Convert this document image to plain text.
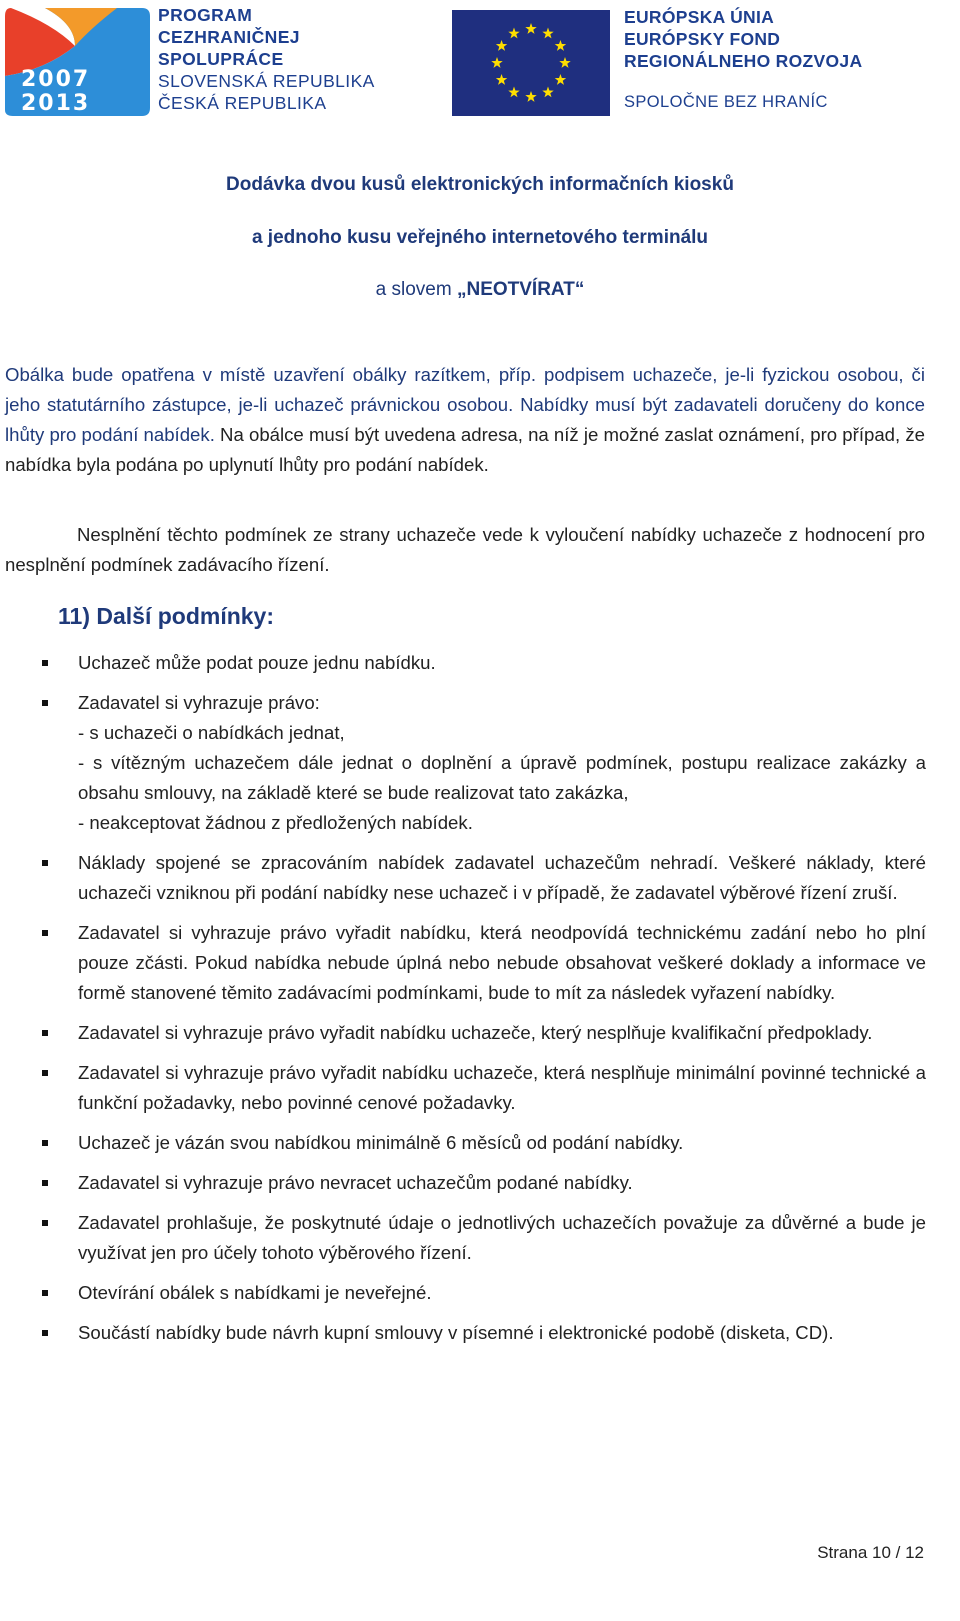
2007
2013
PROGRAM
CEZHRANIČNEJ
SPOLUPRÁCE
SLOVENSKÁ REPUBLIKA
ČESKÁ REPUBLIKA
EURÓPSKA ÚNIA
EURÓPSKY FOND
REGIONÁLNEHO ROZVOJA
SPOLOČNE BEZ HRANÍC
Dodávka dvou kusů elektronických informačních kiosků
a jednoho kusu veřejného internetového terminálu
a slovem „NEOTVÍRAT“
Obálka bude opatřena v místě uzavření obálky razítkem, příp. podpisem uchazeče, je-li fyzickou osobou, či jeho statutárního zástupce, je-li uchazeč právnickou osobou. Nabídky musí být zadavateli doručeny do konce lhůty pro podání nabídek. Na obálce musí být uvedena adresa, na níž je možné zaslat oznámení, pro případ, že nabídka byla podána po uplynutí lhůty pro podání nabídek.
Nesplnění těchto podmínek ze strany uchazeče vede k vyloučení nabídky uchazeče z hodnocení pro nesplnění podmínek zadávacího řízení.
11) Další podmínky:
Uchazeč může podat pouze jednu nabídku.
Zadavatel si vyhrazuje právo:
- s uchazeči o nabídkách jednat,
- s vítězným uchazečem dále jednat o doplnění a úpravě podmínek, postupu realizace zakázky a obsahu smlouvy, na základě které se bude realizovat tato zakázka,
- neakceptovat žádnou z předložených nabídek.
Náklady spojené se zpracováním nabídek zadavatel uchazečům nehradí. Veškeré náklady, které uchazeči vzniknou při podání nabídky nese uchazeč i v případě, že zadavatel výběrové řízení zruší.
Zadavatel si vyhrazuje právo vyřadit nabídku, která neodpovídá technickému zadání nebo ho plní pouze zčásti. Pokud nabídka nebude úplná nebo nebude obsahovat veškeré doklady a informace ve formě stanovené těmito zadávacími podmínkami, bude to mít za následek vyřazení nabídky.
Zadavatel si vyhrazuje právo vyřadit nabídku uchazeče, který nesplňuje kvalifikační předpoklady.
Zadavatel si vyhrazuje právo vyřadit nabídku uchazeče, která nesplňuje minimální povinné technické a funkční požadavky, nebo povinné cenové požadavky.
Uchazeč je vázán svou nabídkou minimálně 6 měsíců od podání nabídky.
Zadavatel si vyhrazuje právo nevracet uchazečům podané nabídky.
Zadavatel prohlašuje, že poskytnuté údaje o jednotlivých uchazečích považuje za důvěrné a bude je využívat jen pro účely tohoto výběrového řízení.
Otevírání obálek s nabídkami je neveřejné.
Součástí nabídky bude návrh kupní smlouvy v písemné i elektronické podobě (disketa, CD).
Strana 10 / 12
